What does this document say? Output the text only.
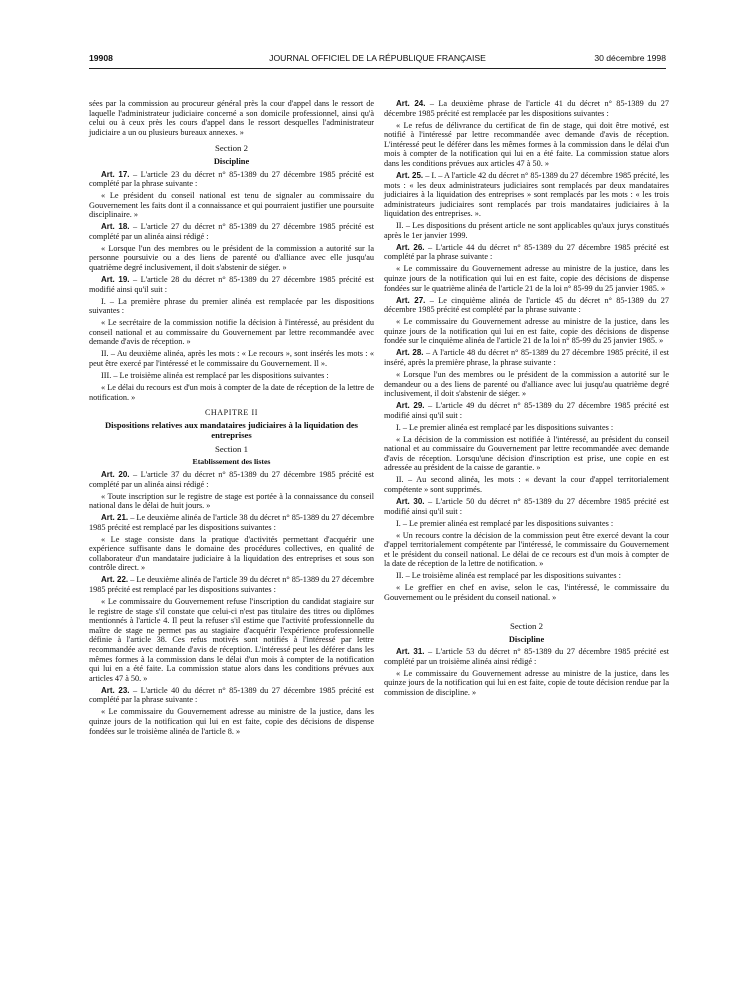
19908	JOURNAL OFFICIEL DE LA RÉPUBLIQUE FRANÇAISE	30 décembre 1998

sées par la commission au procureur général près la cour d'appel dans le ressort de laquelle l'administrateur judiciaire concerné a son domicile professionnel, ainsi qu'à celui ou à ceux près les cours d'appel dans le ressort desquelles l'administrateur judiciaire a un ou plusieurs bureaux annexes. »

Section 2

Discipline

Art. 17. – L'article 23 du décret n° 85-1389 du 27 décembre 1985 précité est complété par la phrase suivante :

« Le président du conseil national est tenu de signaler au commissaire du Gouvernement les faits dont il a connaissance et qui pourraient justifier une poursuite disciplinaire. »

Art. 18. – L'article 27 du décret n° 85-1389 du 27 décembre 1985 précité est complété par un alinéa ainsi rédigé :

« Lorsque l'un des membres ou le président de la commission a autorité sur la personne poursuivie ou a des liens de parenté ou d'alliance avec elle jusqu'au quatrième degré inclusivement, il doit s'abstenir de siéger. »

Art. 19. – L'article 28 du décret n° 85-1389 du 27 décembre 1985 précité est modifié ainsi qu'il suit :

I. – La première phrase du premier alinéa est remplacée par les dispositions suivantes :

« Le secrétaire de la commission notifie la décision à l'intéressé, au président du conseil national et au commissaire du Gouvernement par lettre recommandée avec demande d'avis de réception. »

II. – Au deuxième alinéa, après les mots : « Le recours », sont insérés les mots : « peut être exercé par l'intéressé et le commissaire du Gouvernement. Il ».

III. – Le troisième alinéa est remplacé par les dispositions suivantes :

« Le délai du recours est d'un mois à compter de la date de réception de la lettre de notification. »

CHAPITRE II

Dispositions relatives aux mandataires judiciaires à la liquidation des entreprises

Section 1

Etablissement des listes

Art. 20. – L'article 37 du décret n° 85-1389 du 27 décembre 1985 précité est complété par un alinéa ainsi rédigé :

« Toute inscription sur le registre de stage est portée à la connaissance du conseil national dans le délai de huit jours. »

Art. 21. – Le deuxième alinéa de l'article 38 du décret n° 85-1389 du 27 décembre 1985 précité est remplacé par les dispositions suivantes :

« Le stage consiste dans la pratique d'activités permettant d'acquérir une expérience suffisante dans le domaine des procédures collectives, en qualité de collaborateur d'un mandataire judiciaire à la liquidation des entreprises et sous son contrôle direct. »

Art. 22. – Le deuxième alinéa de l'article 39 du décret n° 85-1389 du 27 décembre 1985 précité est remplacé par les dispositions suivantes :

« Le commissaire du Gouvernement refuse l'inscription du candidat stagiaire sur le registre de stage s'il constate que celui-ci n'est pas titulaire des titres ou diplômes mentionnés à l'article 4. Il peut la refuser s'il estime que l'activité professionnelle du maître de stage ne permet pas au stagiaire d'acquérir l'expérience professionnelle définie à l'article 38. Ces refus motivés sont notifiés à l'intéressé par lettre recommandée avec demande d'avis de réception. L'intéressé peut les déférer dans les mêmes formes à la commission dans le délai d'un mois à compter de la notification qui lui en a été faite. La commission statue alors dans les conditions prévues aux articles 47 à 50. »

Art. 23. – L'article 40 du décret n° 85-1389 du 27 décembre 1985 précité est complété par la phrase suivante :

« Le commissaire du Gouvernement adresse au ministre de la justice, dans les quinze jours de la notification qui lui en est faite, copie des décisions de dispense fondées sur le troisième alinéa de l'article 8. »

Art. 24. – La deuxième phrase de l'article 41 du décret n° 85-1389 du 27 décembre 1985 précité est remplacée par les dispositions suivantes :

« Le refus de délivrance du certificat de fin de stage, qui doit être motivé, est notifié à l'intéressé par lettre recommandée avec demande d'avis de réception. L'intéressé peut le déférer dans les mêmes formes à la commission dans le délai d'un mois à compter de la notification qui lui en a été faite. La commission statue alors dans les conditions prévues aux articles 47 à 50. »

Art. 25. – I. – A l'article 42 du décret n° 85-1389 du 27 décembre 1985 précité, les mots : « les deux administrateurs judiciaires sont remplacés par deux mandataires judiciaires à la liquidation des entreprises » sont remplacés par les mots : « les trois administrateurs judiciaires sont remplacés par trois mandataires judiciaires à la liquidation des entreprises. ».

II. – Les dispositions du présent article ne sont applicables qu'aux jurys constitués après le 1er janvier 1999.

Art. 26. – L'article 44 du décret n° 85-1389 du 27 décembre 1985 précité est complété par la phrase suivante :

« Le commissaire du Gouvernement adresse au ministre de la justice, dans les quinze jours de la notification qui lui en est faite, copie des décisions de dispense fondées sur le quatrième alinéa de l'article 21 de la loi n° 85-99 du 25 janvier 1985. »

Art. 27. – Le cinquième alinéa de l'article 45 du décret n° 85-1389 du 27 décembre 1985 précité est complété par la phrase suivante :

« Le commissaire du Gouvernement adresse au ministre de la justice, dans les quinze jours de la notification qui lui en est faite, copie des décisions de dispense fondée sur le cinquième alinéa de l'article 21 de la loi n° 85-99 du 25 janvier 1985. »

Art. 28. – A l'article 48 du décret n° 85-1389 du 27 décembre 1985 précité, il est inséré, après la première phrase, la phrase suivante :

« Lorsque l'un des membres ou le président de la commission a autorité sur le demandeur ou a des liens de parenté ou d'alliance avec lui jusqu'au quatrième degré inclusivement, il doit s'abstenir de siéger. »

Art. 29. – L'article 49 du décret n° 85-1389 du 27 décembre 1985 précité est modifié ainsi qu'il suit :

I. – Le premier alinéa est remplacé par les dispositions suivantes :

« La décision de la commission est notifiée à l'intéressé, au président du conseil national et au commissaire du Gouvernement par lettre recommandée avec demande d'avis de réception. Lorsqu'une décision d'inscription est prise, une copie en est adressée au président de la caisse de garantie. »

II. – Au second alinéa, les mots : « devant la cour d'appel territorialement compétente » sont supprimés.

Art. 30. – L'article 50 du décret n° 85-1389 du 27 décembre 1985 précité est modifié ainsi qu'il suit :

I. – Le premier alinéa est remplacé par les dispositions suivantes :

« Un recours contre la décision de la commission peut être exercé devant la cour d'appel territorialement compétente par l'intéressé, le commissaire du Gouvernement et le président du conseil national. Le délai de ce recours est d'un mois à compter de la date de réception de la lettre de notification. »

II. – Le troisième alinéa est remplacé par les dispositions suivantes :

« Le greffier en chef en avise, selon le cas, l'intéressé, le commissaire du Gouvernement ou le président du conseil national. »

Section 2

Discipline

Art. 31. – L'article 53 du décret n° 85-1389 du 27 décembre 1985 précité est complété par un troisième alinéa ainsi rédigé :

« Le commissaire du Gouvernement adresse au ministre de la justice, dans les quinze jours de la notification qui lui en est faite, copie de toute décision rendue par la commission de discipline. »
